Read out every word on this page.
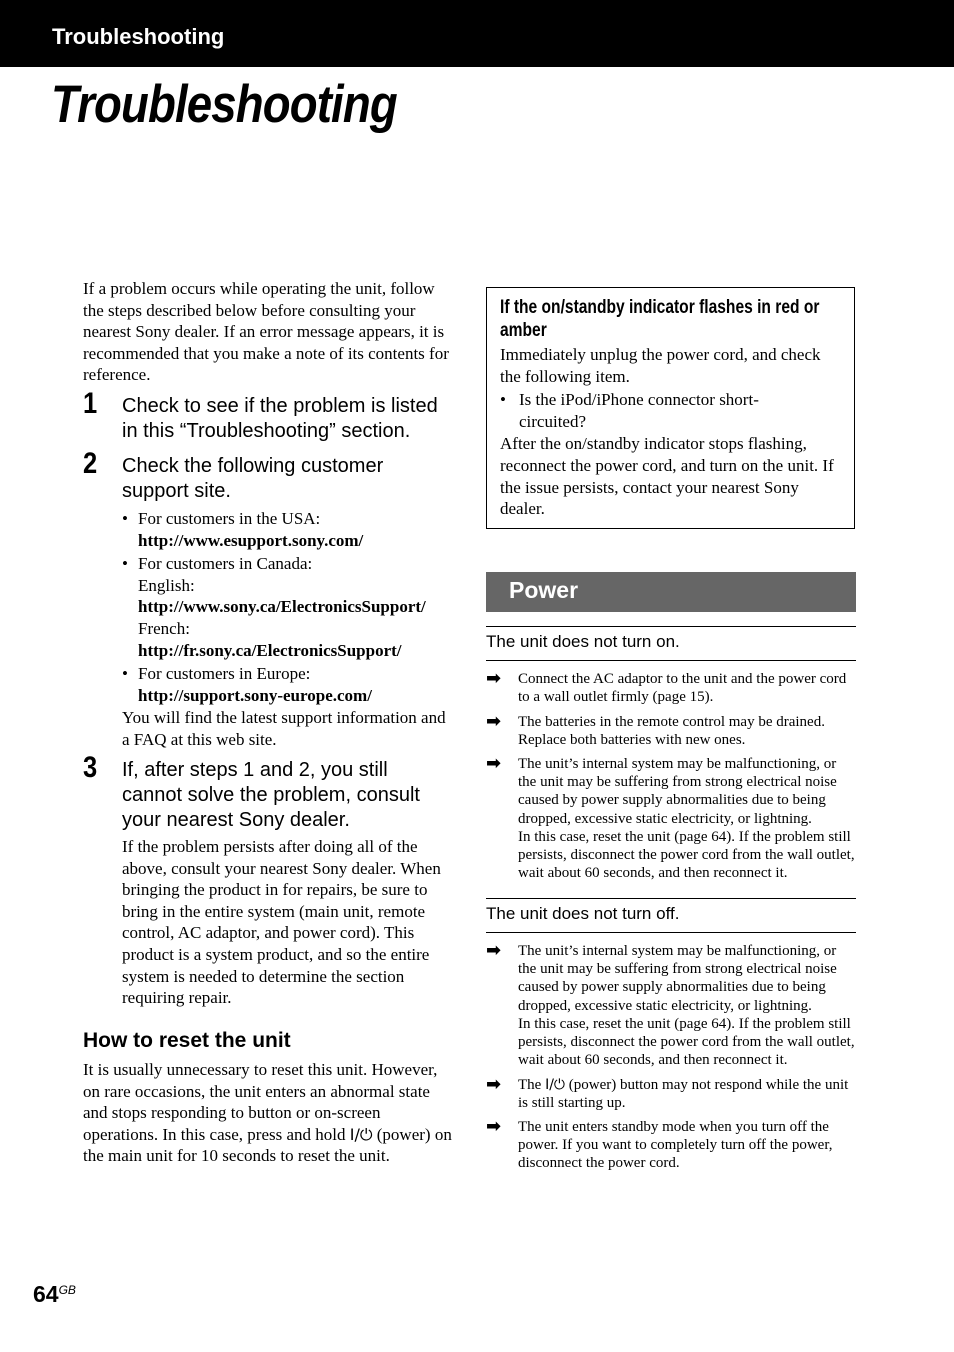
Troubleshooting
Troubleshooting
If a problem occurs while operating the unit, follow the steps described below before consulting your nearest Sony dealer. If an error message appears, it is recommended that you make a note of its contents for reference.
1 Check to see if the problem is listed in this “Troubleshooting” section.
2 Check the following customer support site.
• For customers in the USA:
http://www.esupport.sony.com/
• For customers in Canada:
English:
http://www.sony.ca/ElectronicsSupport/
French:
http://fr.sony.ca/ElectronicsSupport/
• For customers in Europe:
http://support.sony-europe.com/
You will find the latest support information and a FAQ at this web site.
3 If, after steps 1 and 2, you still cannot solve the problem, consult your nearest Sony dealer.
If the problem persists after doing all of the above, consult your nearest Sony dealer. When bringing the product in for repairs, be sure to bring in the entire system (main unit, remote control, AC adaptor, and power cord). This product is a system product, and so the entire system is needed to determine the section requiring repair.
How to reset the unit
It is usually unnecessary to reset this unit. However, on rare occasions, the unit enters an abnormal state and stops responding to button or on-screen operations. In this case, press and hold I/⏻ (power) on the main unit for 10 seconds to reset the unit.
If the on/standby indicator flashes in red or amber
Immediately unplug the power cord, and check the following item.
• Is the iPod/iPhone connector short-circuited?
After the on/standby indicator stops flashing, reconnect the power cord, and turn on the unit. If the issue persists, contact your nearest Sony dealer.
Power
The unit does not turn on.
➡ Connect the AC adaptor to the unit and the power cord to a wall outlet firmly (page 15).
➡ The batteries in the remote control may be drained. Replace both batteries with new ones.
➡ The unit’s internal system may be malfunctioning, or the unit may be suffering from strong electrical noise caused by power supply abnormalities due to being dropped, excessive static electricity, or lightning.
In this case, reset the unit (page 64). If the problem still persists, disconnect the power cord from the wall outlet, wait about 60 seconds, and then reconnect it.
The unit does not turn off.
➡ The unit’s internal system may be malfunctioning, or the unit may be suffering from strong electrical noise caused by power supply abnormalities due to being dropped, excessive static electricity, or lightning.
In this case, reset the unit (page 64). If the problem still persists, disconnect the power cord from the wall outlet, wait about 60 seconds, and then reconnect it.
➡ The I/⏻ (power) button may not respond while the unit is still starting up.
➡ The unit enters standby mode when you turn off the power. If you want to completely turn off the power, disconnect the power cord.
$64^{GB}$
